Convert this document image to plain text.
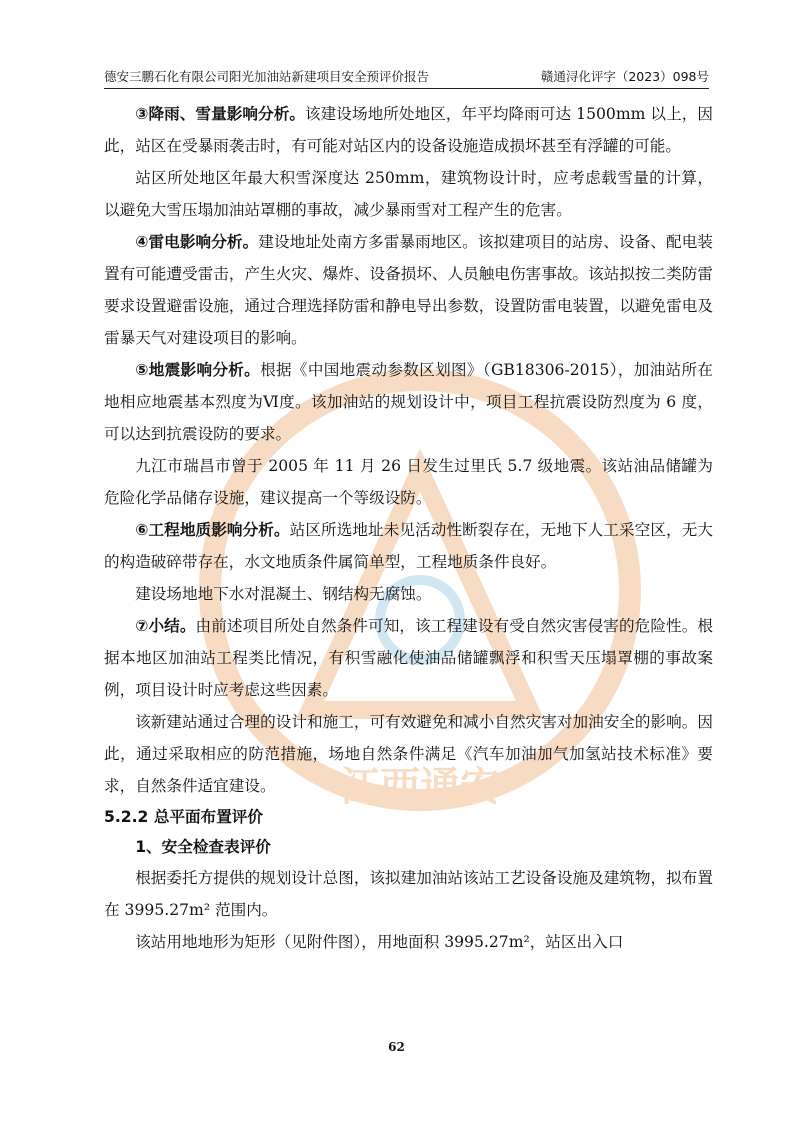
德安三鹏石化有限公司阳光加油站新建项目安全预评价报告	赣通浔化评字（2023）098号
江西通安

③降雨、雪量影响分析。该建设场地所处地区，年平均降雨可达 1500mm 以上，因此，站区在受暴雨袭击时，有可能对站区内的设备设施造成损坏甚至有浮罐的可能。

站区所处地区年最大积雪深度达 250mm，建筑物设计时，应考虑载雪量的计算，以避免大雪压塌加油站罩棚的事故，减少暴雨雪对工程产生的危害。

④雷电影响分析。建设地址处南方多雷暴雨地区。该拟建项目的站房、设备、配电装置有可能遭受雷击，产生火灾、爆炸、设备损坏、人员触电伤害事故。该站拟按二类防雷要求设置避雷设施，通过合理选择防雷和静电导出参数，设置防雷电装置，以避免雷电及雷暴天气对建设项目的影响。

⑤地震影响分析。根据《中国地震动参数区划图》（GB18306-2015），加油站所在地相应地震基本烈度为Ⅵ度。该加油站的规划设计中，项目工程抗震设防烈度为 6 度，可以达到抗震设防的要求。

九江市瑞昌市曾于 2005 年 11 月 26 日发生过里氏 5.7 级地震。该站油品储罐为危险化学品储存设施，建议提高一个等级设防。

⑥工程地质影响分析。站区所选地址未见活动性断裂存在，无地下人工采空区，无大的构造破碎带存在，水文地质条件属简单型，工程地质条件良好。

建设场地地下水对混凝土、钢结构无腐蚀。

⑦小结。由前述项目所处自然条件可知，该工程建设有受自然灾害侵害的危险性。根据本地区加油站工程类比情况，有积雪融化使油品储罐飘浮和积雪天压塌罩棚的事故案例，项目设计时应考虑这些因素。

该新建站通过合理的设计和施工，可有效避免和减小自然灾害对加油安全的影响。因此，通过采取相应的防范措施，场地自然条件满足《汽车加油加气加氢站技术标准》要求，自然条件适宜建设。

5.2.2 总平面布置评价
1、安全检查表评价

根据委托方提供的规划设计总图，该拟建加油站该站工艺设备设施及建筑物，拟布置在 3995.27m² 范围内。

该站用地地形为矩形（见附件图），用地面积 3995.27m²，站区出入口

62
